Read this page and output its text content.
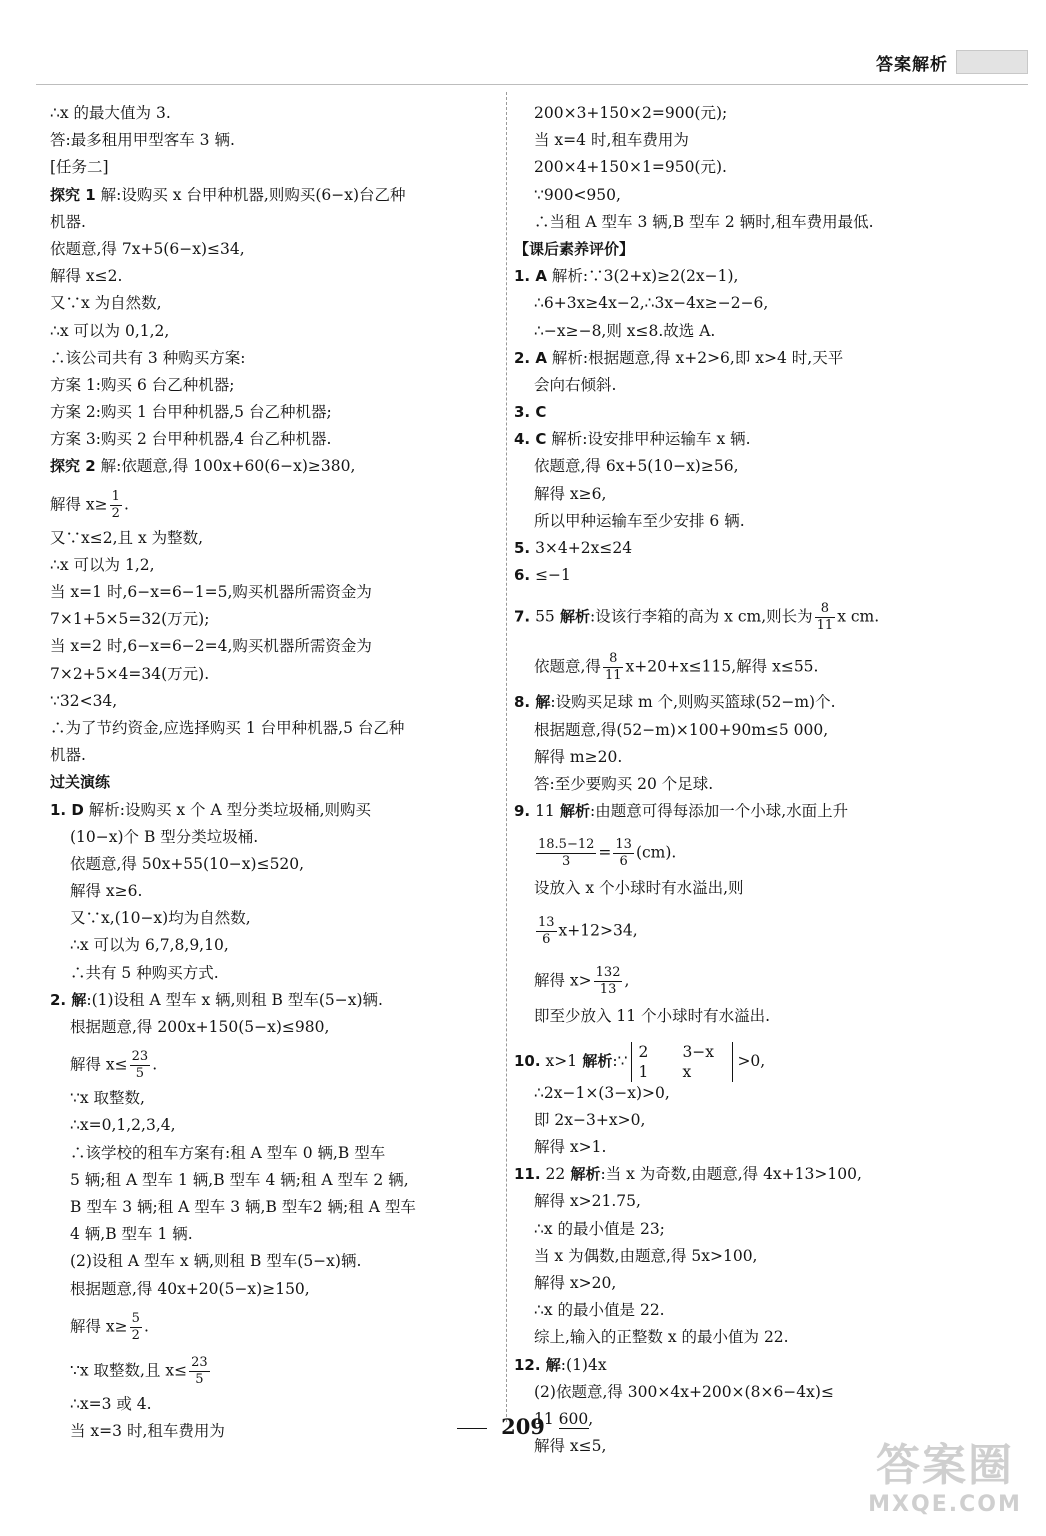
答案解析
∴x 的最大值为 3.
答:最多租用甲型客车 3 辆.
[任务二]
探究 1 解:设购买 x 台甲种机器,则购买(6−x)台乙种
机器.
依题意,得 7x+5(6−x)≤34,
解得 x≤2.
又∵x 为自然数,
∴x 可以为 0,1,2,
∴该公司共有 3 种购买方案:
方案 1:购买 6 台乙种机器;
方案 2:购买 1 台甲种机器,5 台乙种机器;
方案 3:购买 2 台甲种机器,4 台乙种机器.
探究 2 解:依题意,得 100x+60(6−x)≥380,
解得 $x\ge \frac{1}{2}$ .
又∵x≤2,且 x 为整数,
∴x 可以为 1,2,
当 x=1 时,6−x=6−1=5,购买机器所需资金为
7×1+5×5=32(万元);
当 x=2 时,6−x=6−2=4,购买机器所需资金为
7×2+5×4=34(万元).
∵32<34,
∴为了节约资金,应选择购买 1 台甲种机器,5 台乙种
机器.
过关演练
1. D 解析:设购买 x 个 A 型分类垃圾桶,则购买
(10−x)个 B 型分类垃圾桶.
依题意,得 50x+55(10−x)≤520,
解得 x≥6.
又∵x,(10−x)均为自然数,
∴x 可以为 6,7,8,9,10,
∴共有 5 种购买方式.
2. 解:(1)设租 A 型车 x 辆,则租 B 型车(5−x)辆.
根据题意,得 200x+150(5−x)≤980,
解得 $x\le \frac{23}{5}$ .
∵x 取整数,
∴x=0,1,2,3,4,
∴该学校的租车方案有:租 A 型车 0 辆,B 型车
5 辆;租 A 型车 1 辆,B 型车 4 辆;租 A 型车 2 辆,
B 型车 3 辆;租 A 型车 3 辆,B 型车2 辆;租 A 型车
4 辆,B 型车 1 辆.
(2)设租 A 型车 x 辆,则租 B 型车(5−x)辆.
根据题意,得 40x+20(5−x)≥150,
解得 $x\ge \frac{5}{2}$ .
∵x 取整数,且 $x\le \frac{23}{5}$
∴x=3 或 4.
当 x=3 时,租车费用为
200×3+150×2=900(元);
当 x=4 时,租车费用为
200×4+150×1=950(元).
∵900<950,
∴当租 A 型车 3 辆,B 型车 2 辆时,租车费用最低.
【课后素养评价】
1. A 解析:∵3(2+x)≥2(2x−1),
∴6+3x≥4x−2,∴3x−4x≥−2−6,
∴−x≥−8,则 x≤8.故选 A.
2. A 解析:根据题意,得 x+2>6,即 x>4 时,天平
会向右倾斜.
3. C
4. C 解析:设安排甲种运输车 x 辆.
依题意,得 6x+5(10−x)≥56,
解得 x≥6,
所以甲种运输车至少安排 6 辆.
5. 3×4+2x≤24
6. ≤−1
7. 55 解析:设该行李箱的高为 x cm,则长为 $\frac{8}{11}$ x cm.
依题意,得 $\frac{8}{11} x+20+x\le 115$,解得 x≤55.
8. 解:设购买足球 m 个,则购买篮球(52−m)个.
根据题意,得(52−m)×100+90m≤5 000,
解得 m≥20.
答:至少要购买 20 个足球.
9. 11 解析:由题意可得每添加一个小球,水面上升
$\frac{18.5-12}{3} = \frac{13}{6} (cm)$.
设放入 x 个小球时有水溢出,则
$\frac{13}{6} x+12>34$,
解得 $x> \frac{132}{13}$ ,
即至少放入 11 个小球时有水溢出.
10. x>1 解析:∵ 2 3−x
1 x>0,
∴2x−1×(3−x)>0,
即 2x−3+x>0,
解得 x>1.
11. 22 解析:当 x 为奇数,由题意,得 4x+13>100,
解得 x>21.75,
∴x 的最小值是 23;
当 x 为偶数,由题意,得 5x>100,
解得 x>20,
∴x 的最小值是 22.
综上,输入的正整数 x 的最小值为 22.
12. 解:(1)4x
(2)依题意,得 300×4x+200×(8×6−4x)≤
11 600,
解得 x≤5,
209
答案圈
MXQE.COM
